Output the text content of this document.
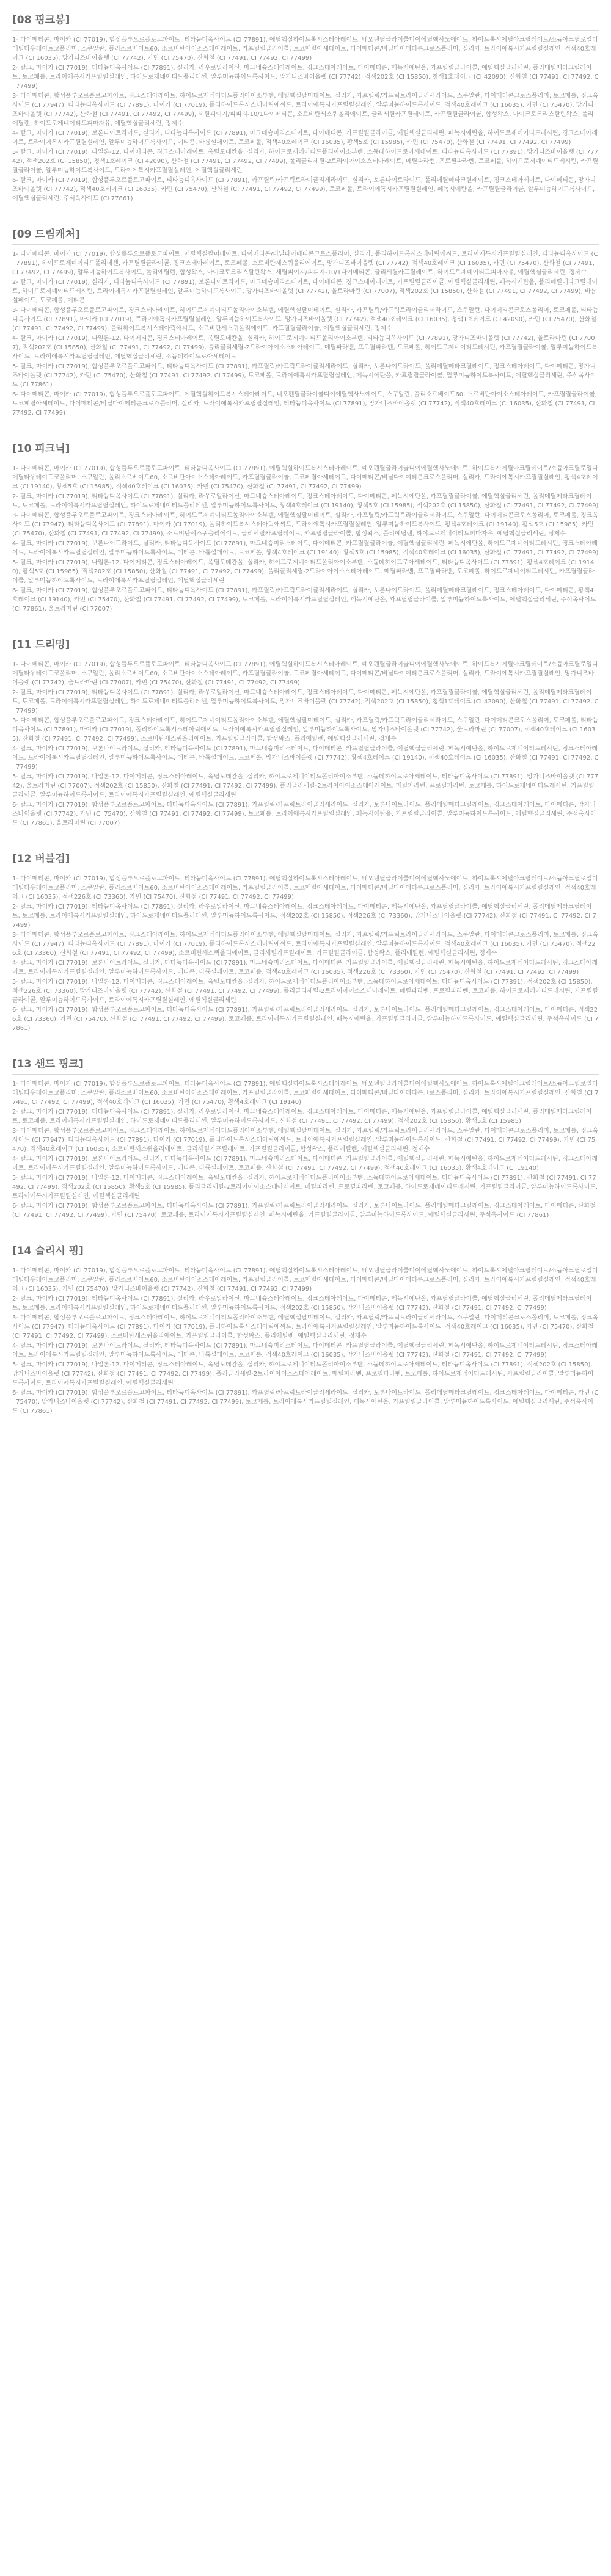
[08 핑크봉]

1- 다이메티콘, 마이카 (CI 77019), 합성플루오르플로고파이트, 티타늄디옥사이드 (CI 77891), 에틸헥실하이드록시스테아레이트, 네오펜틸글라이콜디이에틸헥사노에이트, 하이드록시에틸아크릴레이트/소듐아크릴로일디메틸타우레이트코폴리머, 스쿠알란, 폴리소르베이트60, 소르비탄아이소스테아레이트, 카프릴릴글라이콜, 토코페릴아세테이트, 다이메티콘/비닐다이메티콘크로스폴리머, 실리카, 트라이에톡시카프릴릴실레인, 적색40호레이크 (CI 16035), 망가니즈바이올렛 (CI 77742), 카민 (CI 75470), 산화철 (CI 77491, CI 77492, CI 77499)

2- 탈크, 마이카 (CI 77019), 티타늄디옥사이드 (CI 77891), 실리카, 라우로일라이신, 마그네슘스테아레이트, 징크스테아레이트, 다이메티콘, 페녹시에탄올, 카프릴릴글라이콜, 에틸헥실글리세린, 폴리메틸메타크릴레이트, 토코페롤, 트라이에톡시카프릴릴실레인, 하이드로제네이티드폴리데센, 알루미늄하이드록사이드, 망가니즈바이올렛 (CI 77742), 적색202호 (CI 15850), 청색1호레이크 (CI 42090), 산화철 (CI 77491, CI 77492, CI 77499)

3- 다이메티콘, 합성플루오르플로고파이트, 징크스테아레이트, 하이드로제네이티드폴리아이소부텐, 에틸헥실팔미테이트, 실리카, 카프릴릭/카프릭트라이글리세라이드, 스쿠알란, 다이메티콘크로스폴리머, 토코페롤, 징크옥사이드 (CI 77947), 티타늄디옥사이드 (CI 77891), 마이카 (CI 77019), 폴리하이드록시스테아릭애씨드, 트라이에톡시카프릴릴실레인, 알루미늄하이드록사이드, 적색40호레이크 (CI 16035), 카민 (CI 75470), 망가니즈바이올렛 (CI 77742), 산화철 (CI 77491, CI 77492, CI 77499), 세틸피이지/피피지-10/1다이메티콘, 소르비탄세스퀴올리에이트, 글리세릴카프릴레이트, 카프릴릴글라이콜, 합성왁스, 마이크로크리스탈린왁스, 폴리에틸렌, 하이드로제네이티드피마자유, 에틸헥실글리세린, 정제수

4- 탈크, 마이카 (CI 77019), 보론나이트라이드, 실리카, 티타늄디옥사이드 (CI 77891), 마그네슘미리스테이트, 다이메티콘, 카프릴릴글라이콜, 에틸헥실글리세린, 페녹시에탄올, 하이드로제네이티드레시틴, 징크스테아레이트, 트라이에톡시카프릴릴실레인, 알루미늄하이드록사이드, 메티콘, 바륨설페이트, 토코페롤, 적색40호레이크 (CI 16035), 황색5호 (CI 15985), 카민 (CI 75470), 산화철 (CI 77491, CI 77492, CI 77499)

5- 탈크, 마이카 (CI 77019), 나일론-12, 다이메티콘, 징크스테아레이트, 옥틸도데칸올, 실리카, 하이드로제네이티드폴리아이소부텐, 소듐데하이드로아세테이트, 티타늄디옥사이드 (CI 77891), 망가니즈바이올렛 (CI 77742), 적색202호 (CI 15850), 청색1호레이크 (CI 42090), 산화철 (CI 77491, CI 77492, CI 77499), 폴리글리세릴-2트라이아이소스테아레이트, 메틸파라벤, 프로필파라벤, 토코페롤, 하이드로제네이티드레시틴, 카프릴릴글라이콜, 알루미늄하이드록사이드, 트라이에톡시카프릴릴실레인, 에틸헥실글리세린

6- 탈크, 마이카 (CI 77019), 합성플루오르플로고파이트, 티타늄디옥사이드 (CI 77891), 카프릴릭/카프릭트라이글리세라이드, 실리카, 보론나이트라이드, 폴리메틸메타크릴레이트, 징크스테아레이트, 다이메티콘, 망가니즈바이올렛 (CI 77742), 적색40호레이크 (CI 16035), 카민 (CI 75470), 산화철 (CI 77491, CI 77492, CI 77499), 토코페롤, 트라이에톡시카프릴릴실레인, 페녹시에탄올, 카프릴릴글라이콜, 알루미늄하이드록사이드, 에틸헥실글리세린, 주석옥사이드 (CI 77861)

[09 드림캐처]

1- 다이메티콘, 마이카 (CI 77019), 합성플루오르플로고파이트, 에틸헥실팔미테이트, 다이메티콘/비닐다이메티콘크로스폴리머, 실리카, 폴리하이드록시스테아릭애씨드, 트라이에톡시카프릴릴실레인, 티타늄디옥사이드 (CI 77891), 하이드로제네이티드폴리데센, 카프릴릴글라이콜, 징크스테아레이트, 토코페롤, 소르비탄세스퀴올리에이트, 망가니즈바이올렛 (CI 77742), 적색40호레이크 (CI 16035), 카민 (CI 75470), 산화철 (CI 77491, CI 77492, CI 77499), 알루미늄하이드록사이드, 폴리에틸렌, 합성왁스, 마이크로크리스탈린왁스, 세틸피이지/피피지-10/1다이메티콘, 글리세릴카프릴레이트, 하이드로제네이티드피마자유, 에틸헥실글리세린, 정제수

2- 탈크, 마이카 (CI 77019), 실리카, 티타늄디옥사이드 (CI 77891), 보론나이트라이드, 마그네슘미리스테이트, 다이메티콘, 징크스테아레이트, 카프릴릴글라이콜, 에틸헥실글리세린, 페녹시에탄올, 폴리메틸메타크릴레이트, 하이드로제네이티드레시틴, 트라이에톡시카프릴릴실레인, 알루미늄하이드록사이드, 망가니즈바이올렛 (CI 77742), 울트라마린 (CI 77007), 적색202호 (CI 15850), 산화철 (CI 77491, CI 77492, CI 77499), 바륨설페이트, 토코페롤, 메티콘

3- 다이메티콘, 합성플루오르플로고파이트, 징크스테아레이트, 하이드로제네이티드폴리아이소부텐, 에틸헥실팔미테이트, 실리카, 카프릴릭/카프릭트라이글리세라이드, 스쿠알란, 다이메티콘크로스폴리머, 토코페롤, 티타늄디옥사이드 (CI 77891), 마이카 (CI 77019), 트라이에톡시카프릴릴실레인, 알루미늄하이드록사이드, 망가니즈바이올렛 (CI 77742), 적색40호레이크 (CI 16035), 청색1호레이크 (CI 42090), 카민 (CI 75470), 산화철 (CI 77491, CI 77492, CI 77499), 폴리하이드록시스테아릭애씨드, 소르비탄세스퀴올리에이트, 카프릴릴글라이콜, 에틸헥실글리세린, 정제수

4- 탈크, 마이카 (CI 77019), 나일론-12, 다이메티콘, 징크스테아레이트, 옥틸도데칸올, 실리카, 하이드로제네이티드폴리아이소부텐, 티타늄디옥사이드 (CI 77891), 망가니즈바이올렛 (CI 77742), 울트라마린 (CI 77007), 적색202호 (CI 15850), 산화철 (CI 77491, CI 77492, CI 77499), 폴리글리세릴-2트라이아이소스테아레이트, 메틸파라벤, 프로필파라벤, 토코페롤, 하이드로제네이티드레시틴, 카프릴릴글라이콜, 알루미늄하이드록사이드, 트라이에톡시카프릴릴실레인, 에틸헥실글리세린, 소듐데하이드로아세테이트

5- 탈크, 마이카 (CI 77019), 합성플루오르플로고파이트, 티타늄디옥사이드 (CI 77891), 카프릴릭/카프릭트라이글리세라이드, 실리카, 보론나이트라이드, 폴리메틸메타크릴레이트, 징크스테아레이트, 다이메티콘, 망가니즈바이올렛 (CI 77742), 카민 (CI 75470), 산화철 (CI 77491, CI 77492, CI 77499), 토코페롤, 트라이에톡시카프릴릴실레인, 페녹시에탄올, 카프릴릴글라이콜, 알루미늄하이드록사이드, 에틸헥실글리세린, 주석옥사이드 (CI 77861)

6- 다이메티콘, 마이카 (CI 77019), 합성플루오르플로고파이트, 에틸헥실하이드록시스테아레이트, 네오펜틸글라이콜디이에틸헥사노에이트, 스쿠알란, 폴리소르베이트60, 소르비탄아이소스테아레이트, 카프릴릴글라이콜, 토코페릴아세테이트, 다이메티콘/비닐다이메티콘크로스폴리머, 실리카, 트라이에톡시카프릴릴실레인, 티타늄디옥사이드 (CI 77891), 망가니즈바이올렛 (CI 77742), 적색40호레이크 (CI 16035), 산화철 (CI 77491, CI 77492, CI 77499)

[10 피크닉]

1- 다이메티콘, 마이카 (CI 77019), 합성플루오르플로고파이트, 티타늄디옥사이드 (CI 77891), 에틸헥실하이드록시스테아레이트, 네오펜틸글라이콜디이에틸헥사노에이트, 하이드록시에틸아크릴레이트/소듐아크릴로일디메틸타우레이트코폴리머, 스쿠알란, 폴리소르베이트60, 소르비탄아이소스테아레이트, 카프릴릴글라이콜, 토코페릴아세테이트, 다이메티콘/비닐다이메티콘크로스폴리머, 실리카, 트라이에톡시카프릴릴실레인, 황색4호레이크 (CI 19140), 황색5호 (CI 15985), 적색40호레이크 (CI 16035), 카민 (CI 75470), 산화철 (CI 77491, CI 77492, CI 77499)

2- 탈크, 마이카 (CI 77019), 티타늄디옥사이드 (CI 77891), 실리카, 라우로일라이신, 마그네슘스테아레이트, 징크스테아레이트, 다이메티콘, 페녹시에탄올, 카프릴릴글라이콜, 에틸헥실글리세린, 폴리메틸메타크릴레이트, 토코페롤, 트라이에톡시카프릴릴실레인, 하이드로제네이티드폴리데센, 알루미늄하이드록사이드, 황색4호레이크 (CI 19140), 황색5호 (CI 15985), 적색202호 (CI 15850), 산화철 (CI 77491, CI 77492, CI 77499)

3- 다이메티콘, 합성플루오르플로고파이트, 징크스테아레이트, 하이드로제네이티드폴리아이소부텐, 에틸헥실팔미테이트, 실리카, 카프릴릭/카프릭트라이글리세라이드, 스쿠알란, 다이메티콘크로스폴리머, 토코페롤, 징크옥사이드 (CI 77947), 티타늄디옥사이드 (CI 77891), 마이카 (CI 77019), 폴리하이드록시스테아릭애씨드, 트라이에톡시카프릴릴실레인, 알루미늄하이드록사이드, 황색4호레이크 (CI 19140), 황색5호 (CI 15985), 카민 (CI 75470), 산화철 (CI 77491, CI 77492, CI 77499), 소르비탄세스퀴올리에이트, 글리세릴카프릴레이트, 카프릴릴글라이콜, 합성왁스, 폴리에틸렌, 하이드로제네이티드피마자유, 에틸헥실글리세린, 정제수

4- 탈크, 마이카 (CI 77019), 보론나이트라이드, 실리카, 티타늄디옥사이드 (CI 77891), 마그네슘미리스테이트, 다이메티콘, 카프릴릴글라이콜, 에틸헥실글리세린, 페녹시에탄올, 하이드로제네이티드레시틴, 징크스테아레이트, 트라이에톡시카프릴릴실레인, 알루미늄하이드록사이드, 메티콘, 바륨설페이트, 토코페롤, 황색4호레이크 (CI 19140), 황색5호 (CI 15985), 적색40호레이크 (CI 16035), 산화철 (CI 77491, CI 77492, CI 77499)

5- 탈크, 마이카 (CI 77019), 나일론-12, 다이메티콘, 징크스테아레이트, 옥틸도데칸올, 실리카, 하이드로제네이티드폴리아이소부텐, 소듐데하이드로아세테이트, 티타늄디옥사이드 (CI 77891), 황색4호레이크 (CI 19140), 황색5호 (CI 15985), 적색202호 (CI 15850), 산화철 (CI 77491, CI 77492, CI 77499), 폴리글리세릴-2트라이아이소스테아레이트, 메틸파라벤, 프로필파라벤, 토코페롤, 하이드로제네이티드레시틴, 카프릴릴글라이콜, 알루미늄하이드록사이드, 트라이에톡시카프릴릴실레인, 에틸헥실글리세린

6- 탈크, 마이카 (CI 77019), 합성플루오르플로고파이트, 티타늄디옥사이드 (CI 77891), 카프릴릭/카프릭트라이글리세라이드, 실리카, 보론나이트라이드, 폴리메틸메타크릴레이트, 징크스테아레이트, 다이메티콘, 황색4호레이크 (CI 19140), 카민 (CI 75470), 산화철 (CI 77491, CI 77492, CI 77499), 토코페롤, 트라이에톡시카프릴릴실레인, 페녹시에탄올, 카프릴릴글라이콜, 알루미늄하이드록사이드, 에틸헥실글리세린, 주석옥사이드 (CI 77861), 울트라마린 (CI 77007)

[11 드리밍]

1- 다이메티콘, 마이카 (CI 77019), 합성플루오르플로고파이트, 티타늄디옥사이드 (CI 77891), 에틸헥실하이드록시스테아레이트, 네오펜틸글라이콜디이에틸헥사노에이트, 하이드록시에틸아크릴레이트/소듐아크릴로일디메틸타우레이트코폴리머, 스쿠알란, 폴리소르베이트60, 소르비탄아이소스테아레이트, 카프릴릴글라이콜, 토코페릴아세테이트, 다이메티콘/비닐다이메티콘크로스폴리머, 실리카, 트라이에톡시카프릴릴실레인, 망가니즈바이올렛 (CI 77742), 울트라마린 (CI 77007), 카민 (CI 75470), 산화철 (CI 77491, CI 77492, CI 77499)

2- 탈크, 마이카 (CI 77019), 티타늄디옥사이드 (CI 77891), 실리카, 라우로일라이신, 마그네슘스테아레이트, 징크스테아레이트, 다이메티콘, 페녹시에탄올, 카프릴릴글라이콜, 에틸헥실글리세린, 폴리메틸메타크릴레이트, 토코페롤, 트라이에톡시카프릴릴실레인, 하이드로제네이티드폴리데센, 알루미늄하이드록사이드, 망가니즈바이올렛 (CI 77742), 적색202호 (CI 15850), 청색1호레이크 (CI 42090), 산화철 (CI 77491, CI 77492, CI 77499)

3- 다이메티콘, 합성플루오르플로고파이트, 징크스테아레이트, 하이드로제네이티드폴리아이소부텐, 에틸헥실팔미테이트, 실리카, 카프릴릭/카프릭트라이글리세라이드, 스쿠알란, 다이메티콘크로스폴리머, 토코페롤, 티타늄디옥사이드 (CI 77891), 마이카 (CI 77019), 폴리하이드록시스테아릭애씨드, 트라이에톡시카프릴릴실레인, 알루미늄하이드록사이드, 망가니즈바이올렛 (CI 77742), 울트라마린 (CI 77007), 적색40호레이크 (CI 16035), 산화철 (CI 77491, CI 77492, CI 77499), 소르비탄세스퀴올리에이트, 카프릴릴글라이콜, 합성왁스, 폴리에틸렌, 에틸헥실글리세린, 정제수

4- 탈크, 마이카 (CI 77019), 보론나이트라이드, 실리카, 티타늄디옥사이드 (CI 77891), 마그네슘미리스테이트, 다이메티콘, 카프릴릴글라이콜, 에틸헥실글리세린, 페녹시에탄올, 하이드로제네이티드레시틴, 징크스테아레이트, 트라이에톡시카프릴릴실레인, 알루미늄하이드록사이드, 메티콘, 바륨설페이트, 토코페롤, 망가니즈바이올렛 (CI 77742), 황색4호레이크 (CI 19140), 적색40호레이크 (CI 16035), 산화철 (CI 77491, CI 77492, CI 77499)

5- 탈크, 마이카 (CI 77019), 나일론-12, 다이메티콘, 징크스테아레이트, 옥틸도데칸올, 실리카, 하이드로제네이티드폴리아이소부텐, 소듐데하이드로아세테이트, 티타늄디옥사이드 (CI 77891), 망가니즈바이올렛 (CI 77742), 울트라마린 (CI 77007), 적색202호 (CI 15850), 산화철 (CI 77491, CI 77492, CI 77499), 폴리글리세릴-2트라이아이소스테아레이트, 메틸파라벤, 프로필파라벤, 토코페롤, 하이드로제네이티드레시틴, 카프릴릴글라이콜, 알루미늄하이드록사이드, 트라이에톡시카프릴릴실레인, 에틸헥실글리세린

6- 탈크, 마이카 (CI 77019), 합성플루오르플로고파이트, 티타늄디옥사이드 (CI 77891), 카프릴릭/카프릭트라이글리세라이드, 실리카, 보론나이트라이드, 폴리메틸메타크릴레이트, 징크스테아레이트, 다이메티콘, 망가니즈바이올렛 (CI 77742), 카민 (CI 75470), 산화철 (CI 77491, CI 77492, CI 77499), 토코페롤, 트라이에톡시카프릴릴실레인, 페녹시에탄올, 카프릴릴글라이콜, 알루미늄하이드록사이드, 에틸헥실글리세린, 주석옥사이드 (CI 77861), 울트라마린 (CI 77007)

[12 버블검]

1- 다이메티콘, 마이카 (CI 77019), 합성플루오르플로고파이트, 티타늄디옥사이드 (CI 77891), 에틸헥실하이드록시스테아레이트, 네오펜틸글라이콜디이에틸헥사노에이트, 하이드록시에틸아크릴레이트/소듐아크릴로일디메틸타우레이트코폴리머, 스쿠알란, 폴리소르베이트60, 소르비탄아이소스테아레이트, 카프릴릴글라이콜, 토코페릴아세테이트, 다이메티콘/비닐다이메티콘크로스폴리머, 실리카, 트라이에톡시카프릴릴실레인, 적색40호레이크 (CI 16035), 적색226호 (CI 73360), 카민 (CI 75470), 산화철 (CI 77491, CI 77492, CI 77499)

2- 탈크, 마이카 (CI 77019), 티타늄디옥사이드 (CI 77891), 실리카, 라우로일라이신, 마그네슘스테아레이트, 징크스테아레이트, 다이메티콘, 페녹시에탄올, 카프릴릴글라이콜, 에틸헥실글리세린, 폴리메틸메타크릴레이트, 토코페롤, 트라이에톡시카프릴릴실레인, 하이드로제네이티드폴리데센, 알루미늄하이드록사이드, 적색202호 (CI 15850), 적색226호 (CI 73360), 망가니즈바이올렛 (CI 77742), 산화철 (CI 77491, CI 77492, CI 77499)

3- 다이메티콘, 합성플루오르플로고파이트, 징크스테아레이트, 하이드로제네이티드폴리아이소부텐, 에틸헥실팔미테이트, 실리카, 카프릴릭/카프릭트라이글리세라이드, 스쿠알란, 다이메티콘크로스폴리머, 토코페롤, 징크옥사이드 (CI 77947), 티타늄디옥사이드 (CI 77891), 마이카 (CI 77019), 폴리하이드록시스테아릭애씨드, 트라이에톡시카프릴릴실레인, 알루미늄하이드록사이드, 적색40호레이크 (CI 16035), 카민 (CI 75470), 적색226호 (CI 73360), 산화철 (CI 77491, CI 77492, CI 77499), 소르비탄세스퀴올리에이트, 글리세릴카프릴레이트, 카프릴릴글라이콜, 합성왁스, 폴리에틸렌, 에틸헥실글리세린, 정제수

4- 탈크, 마이카 (CI 77019), 보론나이트라이드, 실리카, 티타늄디옥사이드 (CI 77891), 마그네슘미리스테이트, 다이메티콘, 카프릴릴글라이콜, 에틸헥실글리세린, 페녹시에탄올, 하이드로제네이티드레시틴, 징크스테아레이트, 트라이에톡시카프릴릴실레인, 알루미늄하이드록사이드, 메티콘, 바륨설페이트, 토코페롤, 적색40호레이크 (CI 16035), 적색226호 (CI 73360), 카민 (CI 75470), 산화철 (CI 77491, CI 77492, CI 77499)

5- 탈크, 마이카 (CI 77019), 나일론-12, 다이메티콘, 징크스테아레이트, 옥틸도데칸올, 실리카, 하이드로제네이티드폴리아이소부텐, 소듐데하이드로아세테이트, 티타늄디옥사이드 (CI 77891), 적색202호 (CI 15850), 적색226호 (CI 73360), 망가니즈바이올렛 (CI 77742), 산화철 (CI 77491, CI 77492, CI 77499), 폴리글리세릴-2트라이아이소스테아레이트, 메틸파라벤, 프로필파라벤, 토코페롤, 하이드로제네이티드레시틴, 카프릴릴글라이콜, 알루미늄하이드록사이드, 트라이에톡시카프릴릴실레인, 에틸헥실글리세린

6- 탈크, 마이카 (CI 77019), 합성플루오르플로고파이트, 티타늄디옥사이드 (CI 77891), 카프릴릭/카프릭트라이글리세라이드, 실리카, 보론나이트라이드, 폴리메틸메타크릴레이트, 징크스테아레이트, 다이메티콘, 적색226호 (CI 73360), 카민 (CI 75470), 산화철 (CI 77491, CI 77492, CI 77499), 토코페롤, 트라이에톡시카프릴릴실레인, 페녹시에탄올, 카프릴릴글라이콜, 알루미늄하이드록사이드, 에틸헥실글리세린, 주석옥사이드 (CI 77861)

[13 샌드 핑크]

1- 다이메티콘, 마이카 (CI 77019), 합성플루오르플로고파이트, 티타늄디옥사이드 (CI 77891), 에틸헥실하이드록시스테아레이트, 네오펜틸글라이콜디이에틸헥사노에이트, 하이드록시에틸아크릴레이트/소듐아크릴로일디메틸타우레이트코폴리머, 스쿠알란, 폴리소르베이트60, 소르비탄아이소스테아레이트, 카프릴릴글라이콜, 토코페릴아세테이트, 다이메티콘/비닐다이메티콘크로스폴리머, 실리카, 트라이에톡시카프릴릴실레인, 산화철 (CI 77491, CI 77492, CI 77499), 적색40호레이크 (CI 16035), 카민 (CI 75470), 황색4호레이크 (CI 19140)

2- 탈크, 마이카 (CI 77019), 티타늄디옥사이드 (CI 77891), 실리카, 라우로일라이신, 마그네슘스테아레이트, 징크스테아레이트, 다이메티콘, 페녹시에탄올, 카프릴릴글라이콜, 에틸헥실글리세린, 폴리메틸메타크릴레이트, 토코페롤, 트라이에톡시카프릴릴실레인, 하이드로제네이티드폴리데센, 알루미늄하이드록사이드, 산화철 (CI 77491, CI 77492, CI 77499), 적색202호 (CI 15850), 황색5호 (CI 15985)

3- 다이메티콘, 합성플루오르플로고파이트, 징크스테아레이트, 하이드로제네이티드폴리아이소부텐, 에틸헥실팔미테이트, 실리카, 카프릴릭/카프릭트라이글리세라이드, 스쿠알란, 다이메티콘크로스폴리머, 토코페롤, 징크옥사이드 (CI 77947), 티타늄디옥사이드 (CI 77891), 마이카 (CI 77019), 폴리하이드록시스테아릭애씨드, 트라이에톡시카프릴릴실레인, 알루미늄하이드록사이드, 산화철 (CI 77491, CI 77492, CI 77499), 카민 (CI 75470), 적색40호레이크 (CI 16035), 소르비탄세스퀴올리에이트, 글리세릴카프릴레이트, 카프릴릴글라이콜, 합성왁스, 폴리에틸렌, 에틸헥실글리세린, 정제수

4- 탈크, 마이카 (CI 77019), 보론나이트라이드, 실리카, 티타늄디옥사이드 (CI 77891), 마그네슘미리스테이트, 다이메티콘, 카프릴릴글라이콜, 에틸헥실글리세린, 페녹시에탄올, 하이드로제네이티드레시틴, 징크스테아레이트, 트라이에톡시카프릴릴실레인, 알루미늄하이드록사이드, 메티콘, 바륨설페이트, 토코페롤, 산화철 (CI 77491, CI 77492, CI 77499), 적색40호레이크 (CI 16035), 황색4호레이크 (CI 19140)

5- 탈크, 마이카 (CI 77019), 나일론-12, 다이메티콘, 징크스테아레이트, 옥틸도데칸올, 실리카, 하이드로제네이티드폴리아이소부텐, 소듐데하이드로아세테이트, 티타늄디옥사이드 (CI 77891), 산화철 (CI 77491, CI 77492, CI 77499), 적색202호 (CI 15850), 황색5호 (CI 15985), 폴리글리세릴-2트라이아이소스테아레이트, 메틸파라벤, 프로필파라벤, 토코페롤, 하이드로제네이티드레시틴, 카프릴릴글라이콜, 알루미늄하이드록사이드, 트라이에톡시카프릴릴실레인, 에틸헥실글리세린

6- 탈크, 마이카 (CI 77019), 합성플루오르플로고파이트, 티타늄디옥사이드 (CI 77891), 카프릴릭/카프릭트라이글리세라이드, 실리카, 보론나이트라이드, 폴리메틸메타크릴레이트, 징크스테아레이트, 다이메티콘, 산화철 (CI 77491, CI 77492, CI 77499), 카민 (CI 75470), 토코페롤, 트라이에톡시카프릴릴실레인, 페녹시에탄올, 카프릴릴글라이콜, 알루미늄하이드록사이드, 에틸헥실글리세린, 주석옥사이드 (CI 77861)

[14 슬리시 핑]

1- 다이메티콘, 마이카 (CI 77019), 합성플루오르플로고파이트, 티타늄디옥사이드 (CI 77891), 에틸헥실하이드록시스테아레이트, 네오펜틸글라이콜디이에틸헥사노에이트, 하이드록시에틸아크릴레이트/소듐아크릴로일디메틸타우레이트코폴리머, 스쿠알란, 폴리소르베이트60, 소르비탄아이소스테아레이트, 카프릴릴글라이콜, 토코페릴아세테이트, 다이메티콘/비닐다이메티콘크로스폴리머, 실리카, 트라이에톡시카프릴릴실레인, 적색40호레이크 (CI 16035), 카민 (CI 75470), 망가니즈바이올렛 (CI 77742), 산화철 (CI 77491, CI 77492, CI 77499)

2- 탈크, 마이카 (CI 77019), 티타늄디옥사이드 (CI 77891), 실리카, 라우로일라이신, 마그네슘스테아레이트, 징크스테아레이트, 다이메티콘, 페녹시에탄올, 카프릴릴글라이콜, 에틸헥실글리세린, 폴리메틸메타크릴레이트, 토코페롤, 트라이에톡시카프릴릴실레인, 하이드로제네이티드폴리데센, 알루미늄하이드록사이드, 적색202호 (CI 15850), 망가니즈바이올렛 (CI 77742), 산화철 (CI 77491, CI 77492, CI 77499)

3- 다이메티콘, 합성플루오르플로고파이트, 징크스테아레이트, 하이드로제네이티드폴리아이소부텐, 에틸헥실팔미테이트, 실리카, 카프릴릭/카프릭트라이글리세라이드, 스쿠알란, 다이메티콘크로스폴리머, 토코페롤, 징크옥사이드 (CI 77947), 티타늄디옥사이드 (CI 77891), 마이카 (CI 77019), 폴리하이드록시스테아릭애씨드, 트라이에톡시카프릴릴실레인, 알루미늄하이드록사이드, 적색40호레이크 (CI 16035), 카민 (CI 75470), 산화철 (CI 77491, CI 77492, CI 77499), 소르비탄세스퀴올리에이트, 카프릴릴글라이콜, 합성왁스, 폴리에틸렌, 에틸헥실글리세린, 정제수

4- 탈크, 마이카 (CI 77019), 보론나이트라이드, 실리카, 티타늄디옥사이드 (CI 77891), 마그네슘미리스테이트, 다이메티콘, 카프릴릴글라이콜, 에틸헥실글리세린, 페녹시에탄올, 하이드로제네이티드레시틴, 징크스테아레이트, 트라이에톡시카프릴릴실레인, 알루미늄하이드록사이드, 메티콘, 바륨설페이트, 토코페롤, 적색40호레이크 (CI 16035), 망가니즈바이올렛 (CI 77742), 산화철 (CI 77491, CI 77492, CI 77499)

5- 탈크, 마이카 (CI 77019), 나일론-12, 다이메티콘, 징크스테아레이트, 옥틸도데칸올, 실리카, 하이드로제네이티드폴리아이소부텐, 소듐데하이드로아세테이트, 티타늄디옥사이드 (CI 77891), 적색202호 (CI 15850), 망가니즈바이올렛 (CI 77742), 산화철 (CI 77491, CI 77492, CI 77499), 폴리글리세릴-2트라이아이소스테아레이트, 메틸파라벤, 프로필파라벤, 토코페롤, 하이드로제네이티드레시틴, 카프릴릴글라이콜, 알루미늄하이드록사이드, 트라이에톡시카프릴릴실레인, 에틸헥실글리세린

6- 탈크, 마이카 (CI 77019), 합성플루오르플로고파이트, 티타늄디옥사이드 (CI 77891), 카프릴릭/카프릭트라이글리세라이드, 실리카, 보론나이트라이드, 폴리메틸메타크릴레이트, 징크스테아레이트, 다이메티콘, 카민 (CI 75470), 망가니즈바이올렛 (CI 77742), 산화철 (CI 77491, CI 77492, CI 77499), 토코페롤, 트라이에톡시카프릴릴실레인, 페녹시에탄올, 카프릴릴글라이콜, 알루미늄하이드록사이드, 에틸헥실글리세린, 주석옥사이드 (CI 77861)
